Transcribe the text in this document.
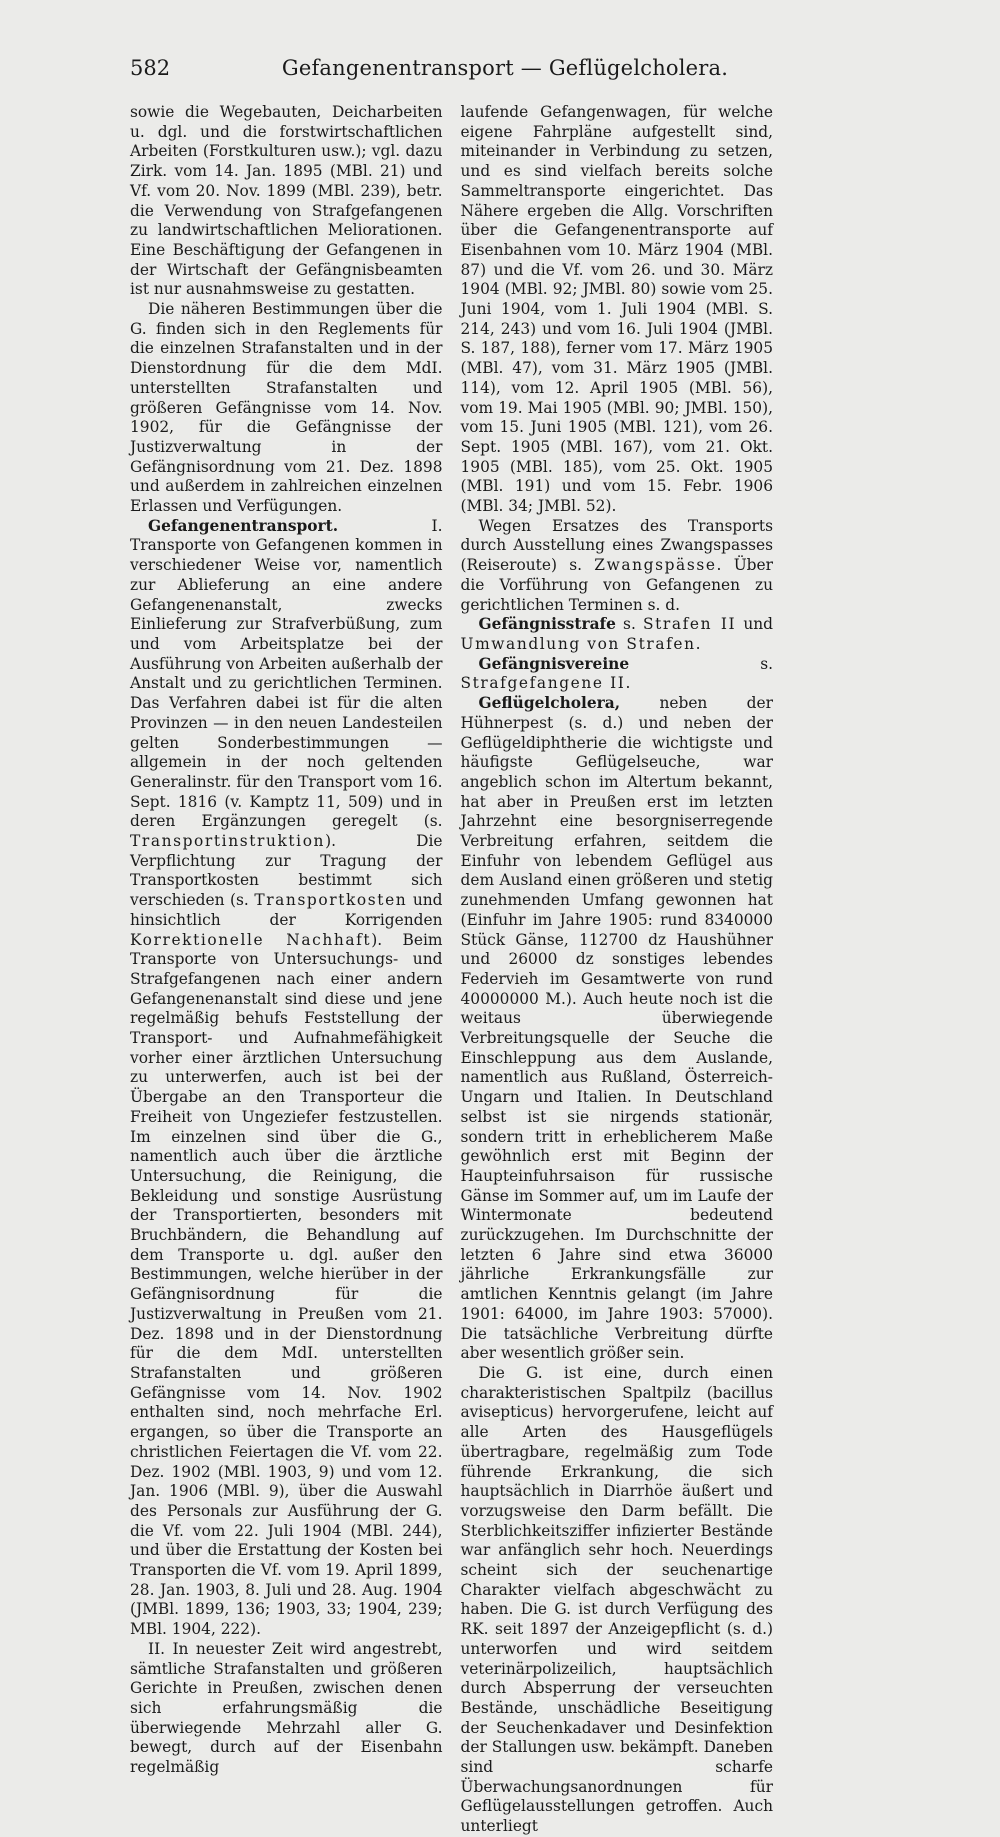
582	Gefangenentransport — Geflügelcholera.

sowie die Wegebauten, Deicharbeiten u. dgl. und die forstwirtschaftlichen Arbeiten (Forstkulturen usw.); vgl. dazu Zirk. vom 14. Jan. 1895 (MBl. 21) und Vf. vom 20. Nov. 1899 (MBl. 239), betr. die Verwendung von Strafgefangenen zu landwirtschaftlichen Meliorationen. Eine Beschäftigung der Gefangenen in der Wirtschaft der Gefängnisbeamten ist nur ausnahmsweise zu gestatten.

Die näheren Bestimmungen über die G. finden sich in den Reglements für die einzelnen Strafanstalten und in der Dienstordnung für die dem MdI. unterstellten Strafanstalten und größeren Gefängnisse vom 14. Nov. 1902, für die Gefängnisse der Justizverwaltung in der Gefängnisordnung vom 21. Dez. 1898 und außerdem in zahlreichen einzelnen Erlassen und Verfügungen.

Gefangenentransport. I. Transporte von Gefangenen kommen in verschiedener Weise vor, namentlich zur Ablieferung an eine andere Gefangenenanstalt, zwecks Einlieferung zur Strafverbüßung, zum und vom Arbeitsplatze bei der Ausführung von Arbeiten außerhalb der Anstalt und zu gerichtlichen Terminen. Das Verfahren dabei ist für die alten Provinzen — in den neuen Landesteilen gelten Sonderbestimmungen — allgemein in der noch geltenden Generalinstr. für den Transport vom 16. Sept. 1816 (v. Kamptz 11, 509) und in deren Ergänzungen geregelt (s. Transportinstruktion). Die Verpflichtung zur Tragung der Transportkosten bestimmt sich verschieden (s. Transportkosten und hinsichtlich der Korrigenden Korrektionelle Nachhaft). Beim Transporte von Untersuchungs- und Strafgefangenen nach einer andern Gefangenenanstalt sind diese und jene regelmäßig behufs Feststellung der Transport- und Aufnahmefähigkeit vorher einer ärztlichen Untersuchung zu unterwerfen, auch ist bei der Übergabe an den Transporteur die Freiheit von Ungeziefer festzustellen. Im einzelnen sind über die G., namentlich auch über die ärztliche Untersuchung, die Reinigung, die Bekleidung und sonstige Ausrüstung der Transportierten, besonders mit Bruchbändern, die Behandlung auf dem Transporte u. dgl. außer den Bestimmungen, welche hierüber in der Gefängnisordnung für die Justizverwaltung in Preußen vom 21. Dez. 1898 und in der Dienstordnung für die dem MdI. unterstellten Strafanstalten und größeren Gefängnisse vom 14. Nov. 1902 enthalten sind, noch mehrfache Erl. ergangen, so über die Transporte an christlichen Feiertagen die Vf. vom 22. Dez. 1902 (MBl. 1903, 9) und vom 12. Jan. 1906 (MBl. 9), über die Auswahl des Personals zur Ausführung der G. die Vf. vom 22. Juli 1904 (MBl. 244), und über die Erstattung der Kosten bei Transporten die Vf. vom 19. April 1899, 28. Jan. 1903, 8. Juli und 28. Aug. 1904 (JMBl. 1899, 136; 1903, 33; 1904, 239; MBl. 1904, 222).

II. In neuester Zeit wird angestrebt, sämtliche Strafanstalten und größeren Gerichte in Preußen, zwischen denen sich erfahrungsmäßig die überwiegende Mehrzahl aller G. bewegt, durch auf der Eisenbahn regelmäßig

laufende Gefangenwagen, für welche eigene Fahrpläne aufgestellt sind, miteinander in Verbindung zu setzen, und es sind vielfach bereits solche Sammeltransporte eingerichtet. Das Nähere ergeben die Allg. Vorschriften über die Gefangenentransporte auf Eisenbahnen vom 10. März 1904 (MBl. 87) und die Vf. vom 26. und 30. März 1904 (MBl. 92; JMBl. 80) sowie vom 25. Juni 1904, vom 1. Juli 1904 (MBl. S. 214, 243) und vom 16. Juli 1904 (JMBl. S. 187, 188), ferner vom 17. März 1905 (MBl. 47), vom 31. März 1905 (JMBl. 114), vom 12. April 1905 (MBl. 56), vom 19. Mai 1905 (MBl. 90; JMBl. 150), vom 15. Juni 1905 (MBl. 121), vom 26. Sept. 1905 (MBl. 167), vom 21. Okt. 1905 (MBl. 185), vom 25. Okt. 1905 (MBl. 191) und vom 15. Febr. 1906 (MBl. 34; JMBl. 52).

Wegen Ersatzes des Transports durch Ausstellung eines Zwangspasses (Reiseroute) s. Zwangspässe. Über die Vorführung von Gefangenen zu gerichtlichen Terminen s. d.

Gefängnisstrafe s. Strafen II und Umwandlung von Strafen.

Gefängnisvereine s. Strafgefangene II.

Geflügelcholera, neben der Hühnerpest (s. d.) und neben der Geflügeldiphtherie die wichtigste und häufigste Geflügelseuche, war angeblich schon im Altertum bekannt, hat aber in Preußen erst im letzten Jahrzehnt eine besorgniserregende Verbreitung erfahren, seitdem die Einfuhr von lebendem Geflügel aus dem Ausland einen größeren und stetig zunehmenden Umfang gewonnen hat (Einfuhr im Jahre 1905: rund 8340000 Stück Gänse, 112700 dz Haushühner und 26000 dz sonstiges lebendes Federvieh im Gesamtwerte von rund 40000000 M.). Auch heute noch ist die weitaus überwiegende Verbreitungsquelle der Seuche die Einschleppung aus dem Auslande, namentlich aus Rußland, Österreich-Ungarn und Italien. In Deutschland selbst ist sie nirgends stationär, sondern tritt in erheblicherem Maße gewöhnlich erst mit Beginn der Haupteinfuhrsaison für russische Gänse im Sommer auf, um im Laufe der Wintermonate bedeutend zurückzugehen. Im Durchschnitte der letzten 6 Jahre sind etwa 36000 jährliche Erkrankungsfälle zur amtlichen Kenntnis gelangt (im Jahre 1901: 64000, im Jahre 1903: 57000). Die tatsächliche Verbreitung dürfte aber wesentlich größer sein.

Die G. ist eine, durch einen charakteristischen Spaltpilz (bacillus avisepticus) hervorgerufene, leicht auf alle Arten des Hausgeflügels übertragbare, regelmäßig zum Tode führende Erkrankung, die sich hauptsächlich in Diarrhöe äußert und vorzugsweise den Darm befällt. Die Sterblichkeitsziffer infizierter Bestände war anfänglich sehr hoch. Neuerdings scheint sich der seuchenartige Charakter vielfach abgeschwächt zu haben. Die G. ist durch Verfügung des RK. seit 1897 der Anzeigepflicht (s. d.) unterworfen und wird seitdem veterinärpolizeilich, hauptsächlich durch Absperrung der verseuchten Bestände, unschädliche Beseitigung der Seuchenkadaver und Desinfektion der Stallungen usw. bekämpft. Daneben sind scharfe Überwachungsanordnungen für Geflügelausstellungen getroffen. Auch unterliegt
